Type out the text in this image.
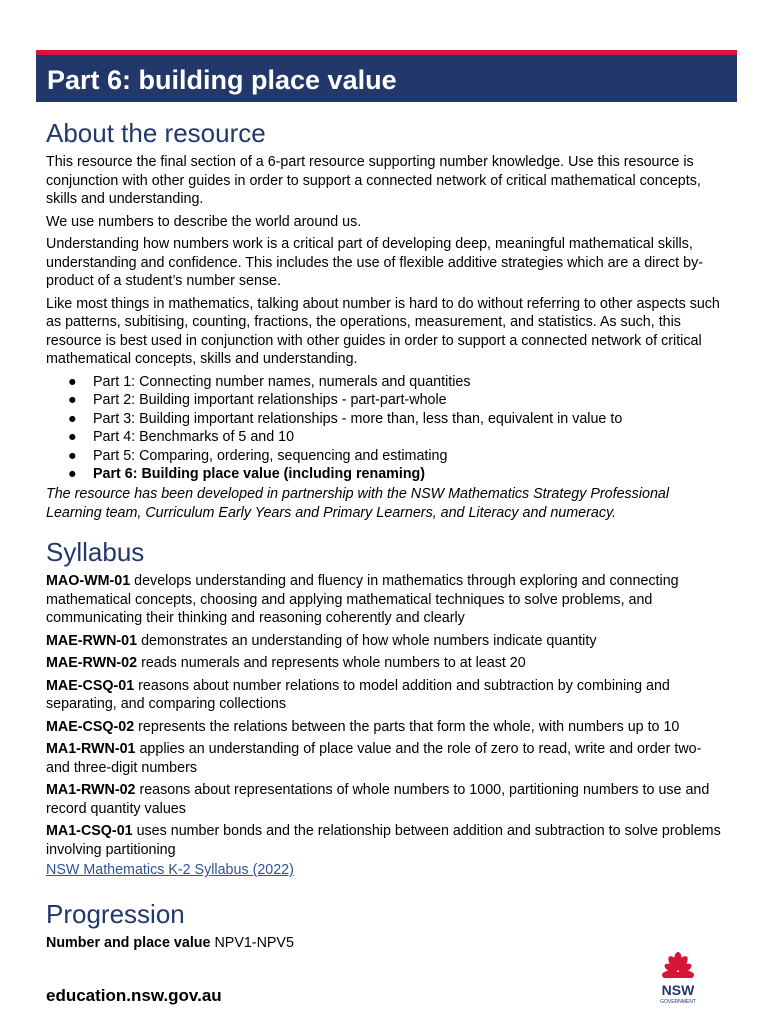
Part 6: building place value
About the resource

This resource the final section of a 6-part resource supporting number knowledge. Use this resource is conjunction with other guides in order to support a connected network of critical mathematical concepts, skills and understanding.

We use numbers to describe the world around us.

Understanding how numbers work is a critical part of developing deep, meaningful mathematical skills, understanding and confidence. This includes the use of flexible additive strategies which are a direct by-product of a student’s number sense.

Like most things in mathematics, talking about number is hard to do without referring to other aspects such as patterns, subitising, counting, fractions, the operations, measurement, and statistics. As such, this resource is best used in conjunction with other guides in order to support a connected network of critical mathematical concepts, skills and understanding.

● Part 1: Connecting number names, numerals and quantities
● Part 2: Building important relationships - part-part-whole
● Part 3: Building important relationships - more than, less than, equivalent in value to
● Part 4: Benchmarks of 5 and 10
● Part 5: Comparing, ordering, sequencing and estimating
● Part 6: Building place value (including renaming)

The resource has been developed in partnership with the NSW Mathematics Strategy Professional Learning team, Curriculum Early Years and Primary Learners, and Literacy and numeracy.

Syllabus

MAO-WM-01 develops understanding and fluency in mathematics through exploring and connecting mathematical concepts, choosing and applying mathematical techniques to solve problems, and communicating their thinking and reasoning coherently and clearly

MAE-RWN-01 demonstrates an understanding of how whole numbers indicate quantity

MAE-RWN-02 reads numerals and represents whole numbers to at least 20

MAE-CSQ-01 reasons about number relations to model addition and subtraction by combining and separating, and comparing collections

MAE-CSQ-02 represents the relations between the parts that form the whole, with numbers up to 10

MA1-RWN-01 applies an understanding of place value and the role of zero to read, write and order two- and three-digit numbers

MA1-RWN-02 reasons about representations of whole numbers to 1000, partitioning numbers to use and record quantity values

MA1-CSQ-01 uses number bonds and the relationship between addition and subtraction to solve problems involving partitioning

NSW Mathematics K-2 Syllabus (2022)
Progression

Number and place value NPV1-NPV5

education.nsw.gov.au	NSW
GOVERNMENT
